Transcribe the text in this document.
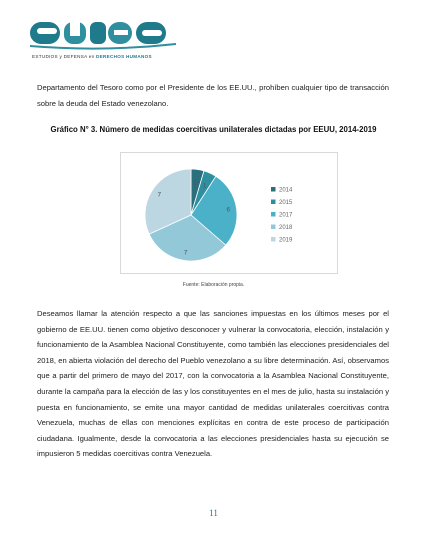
ESTUDIOS y DEFENSA en DERECHOS HUMANOS

Departamento del Tesoro como por el Presidente de los EE.UU., prohíben cualquier tipo de transacción sobre la deuda del Estado venezolano.

Gráfico N° 3. Número de medidas coercitivas unilaterales dictadas por EEUU, 2014-2019

1 1
6
7
7
2014
2015
2017
2018
2019

Fuente: Elaboración propia.

Deseamos llamar la atención respecto a que las sanciones impuestas en los últimos meses por el gobierno de EE.UU. tienen como objetivo desconocer y vulnerar la convocatoria, elección, instalación y funcionamiento de la Asamblea Nacional Constituyente, como también las elecciones presidenciales del 2018, en abierta violación del derecho del Pueblo venezolano a su libre determinación. Así, observamos que a partir del primero de mayo del 2017, con la convocatoria a la Asamblea Nacional Constituyente, durante la campaña para la elección de las y los constituyentes en el mes de julio, hasta su instalación y puesta en funcionamiento, se emite una mayor cantidad de medidas unilaterales coercitivas contra Venezuela, muchas de ellas con menciones explícitas en contra de este proceso de participación ciudadana. Igualmente, desde la convocatoria a las elecciones presidenciales hasta su ejecución se impusieron 5 medidas coercitivas contra Venezuela.

11
